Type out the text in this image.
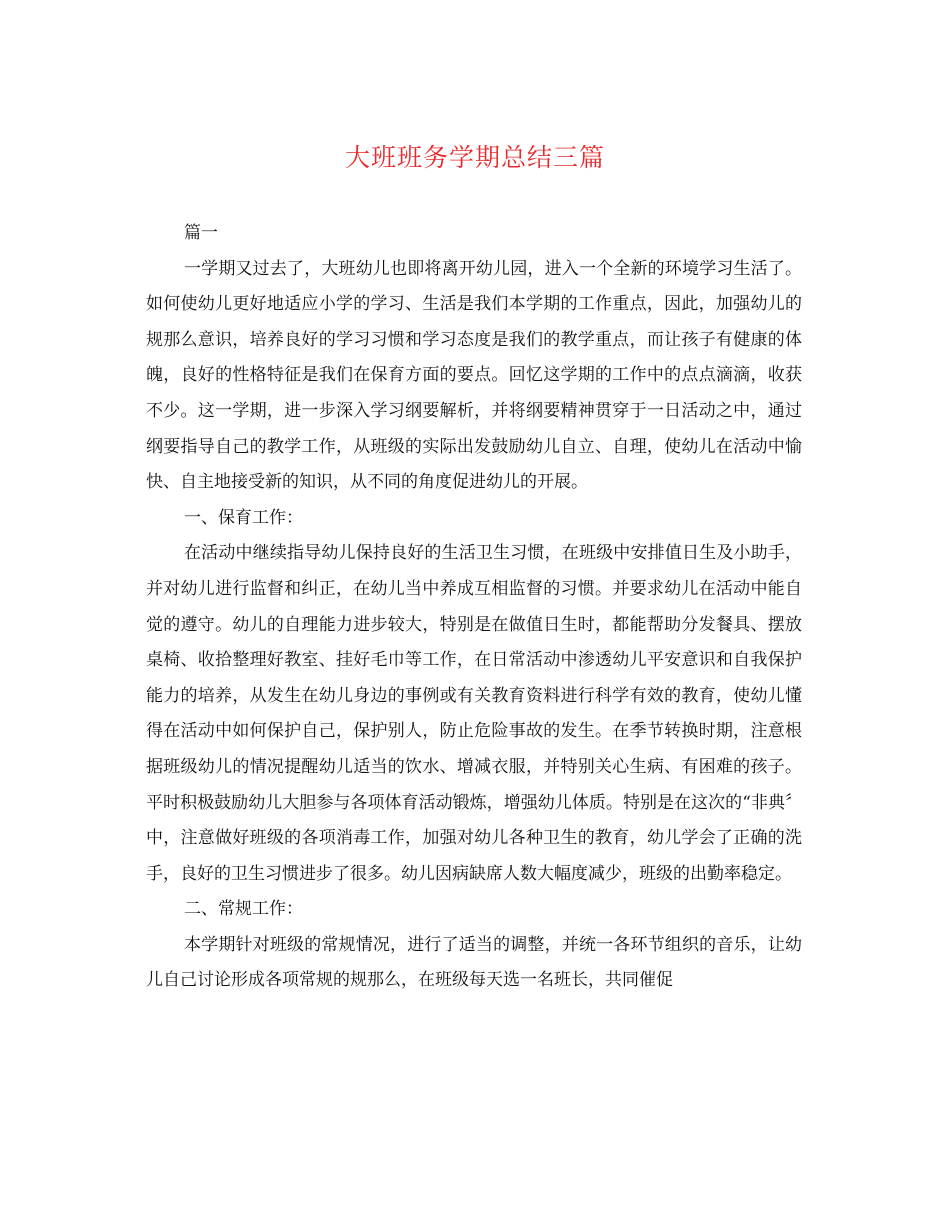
大班班务学期总结三篇

篇一

一学期又过去了，大班幼儿也即将离开幼儿园，进入一个全新的环境学习生活了。如何使幼儿更好地适应小学的学习、生活是我们本学期的工作重点，因此，加强幼儿的规那么意识，培养良好的学习习惯和学习态度是我们的教学重点，而让孩子有健康的体魄，良好的性格特征是我们在保育方面的要点。回忆这学期的工作中的点点滴滴，收获不少。这一学期，进一步深入学习纲要解析，并将纲要精神贯穿于一日活动之中，通过纲要指导自己的教学工作，从班级的实际出发鼓励幼儿自立、自理，使幼儿在活动中愉快、自主地接受新的知识，从不同的角度促进幼儿的开展。

一、保育工作：

在活动中继续指导幼儿保持良好的生活卫生习惯，在班级中安排值日生及小助手，并对幼儿进行监督和纠正，在幼儿当中养成互相监督的习惯。并要求幼儿在活动中能自觉的遵守。幼儿的自理能力进步较大，特别是在做值日生时，都能帮助分发餐具、摆放桌椅、收拾整理好教室、挂好毛巾等工作，在日常活动中渗透幼儿平安意识和自我保护能力的培养，从发生在幼儿身边的事例或有关教育资料进行科学有效的教育，使幼儿懂得在活动中如何保护自己，保护别人，防止危险事故的发生。在季节转换时期，注意根据班级幼儿的情况提醒幼儿适当的饮水、增减衣服，并特别关心生病、有困难的孩子。平时积极鼓励幼儿大胆参与各项体育活动锻炼，增强幼儿体质。特别是在这次的“非典〞中，注意做好班级的各项消毒工作，加强对幼儿各种卫生的教育，幼儿学会了正确的洗手，良好的卫生习惯进步了很多。幼儿因病缺席人数大幅度减少，班级的出勤率稳定。

二、常规工作：

本学期针对班级的常规情况，进行了适当的调整，并统一各环节组织的音乐，让幼儿自己讨论形成各项常规的规那么，在班级每天选一名班长，共同催促
